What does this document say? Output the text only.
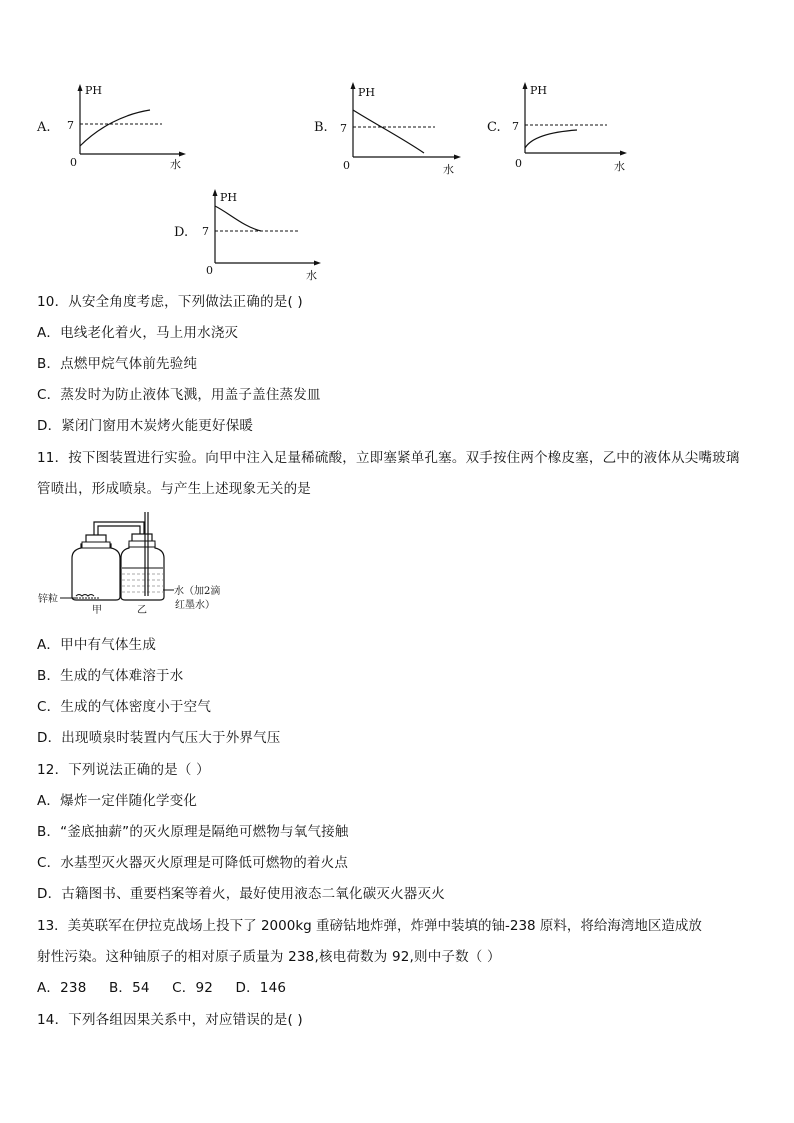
A.
PH
7
0	水
B.
PH
7
0	水
C.
PH
7
0	水
D.
PH
7
0	水
10．从安全角度考虑，下列做法正确的是( )
A．电线老化着火，马上用水浇灭
B．点燃甲烷气体前先验纯
C．蒸发时为防止液体飞溅，用盖子盖住蒸发皿
D．紧闭门窗用木炭烤火能更好保暖
11．按下图装置进行实验。向甲中注入足量稀硫酸，立即塞紧单孔塞。双手按住两个橡皮塞，乙中的液体从尖嘴玻璃
管喷出，形成喷泉。与产生上述现象无关的是
锌粒
甲	乙
水（加2滴
红墨水）
A．甲中有气体生成
B．生成的气体难溶于水
C．生成的气体密度小于空气
D．出现喷泉时装置内气压大于外界气压
12．下列说法正确的是（ ）
A．爆炸一定伴随化学变化
B．“釜底抽薪”的灭火原理是隔绝可燃物与氧气接触
C．水基型灭火器灭火原理是可降低可燃物的着火点
D．古籍图书、重要档案等着火，最好使用液态二氧化碳灭火器灭火
13．美英联军在伊拉克战场上投下了 2000kg 重磅钻地炸弹，炸弹中装填的铀-238 原料，将给海湾地区造成放
射性污染。这种铀原子的相对原子质量为 238,核电荷数为 92,则中子数（ ）
A．238     B．54     C．92     D．146
14．下列各组因果关系中，对应错误的是( )
